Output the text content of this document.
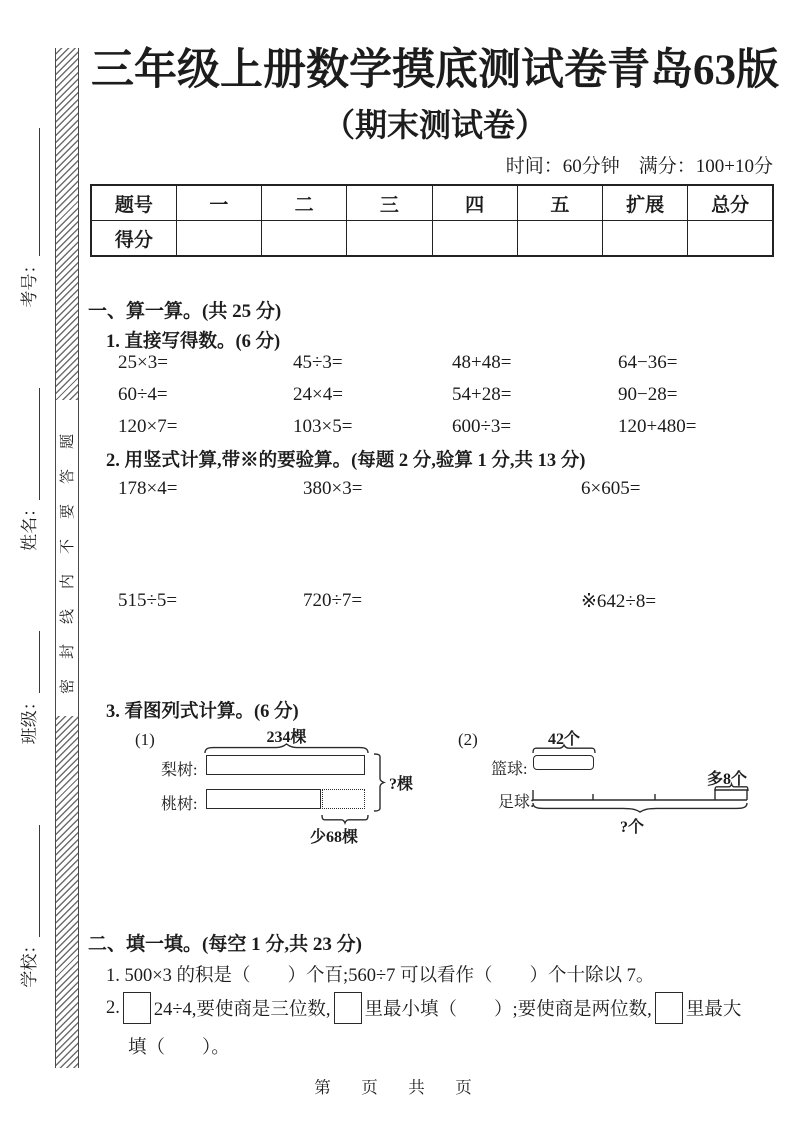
学校：
班级：
姓名：
考号：
密封线内不要答题
三年级上册数学摸底测试卷青岛63版
（期末测试卷）
时间：60分钟　满分：100+10分
题号	一	二	三	四	五	扩展	总分
得分							
一、算一算。(共 25 分)
1. 直接写得数。(6 分)
25×3=	45÷3=	48+48=	64−36=
60÷4=	24×4=	54+28=	90−28=
120×7=	103×5=	600÷3=	120+480=
2. 用竖式计算,带※的要验算。(每题 2 分,验算 1 分,共 13 分)
178×4=	380×3=	6×605=
515÷5=	720÷7=	※642÷8=
3. 看图列式计算。(6 分)
(1)	234棵
梨树:
?棵
桃树:
少68棵
(2)	42个
篮球:
多8个
足球:
?个
二、填一填。(每空 1 分,共 23 分)
1. 500×3 的积是（　　）个百;560÷7 可以看作（　　）个十除以 7。
2. 24÷4,要使商是三位数, 里最小填（　　）;要使商是两位数, 里最大
填（　　）。
第　页　共　页
